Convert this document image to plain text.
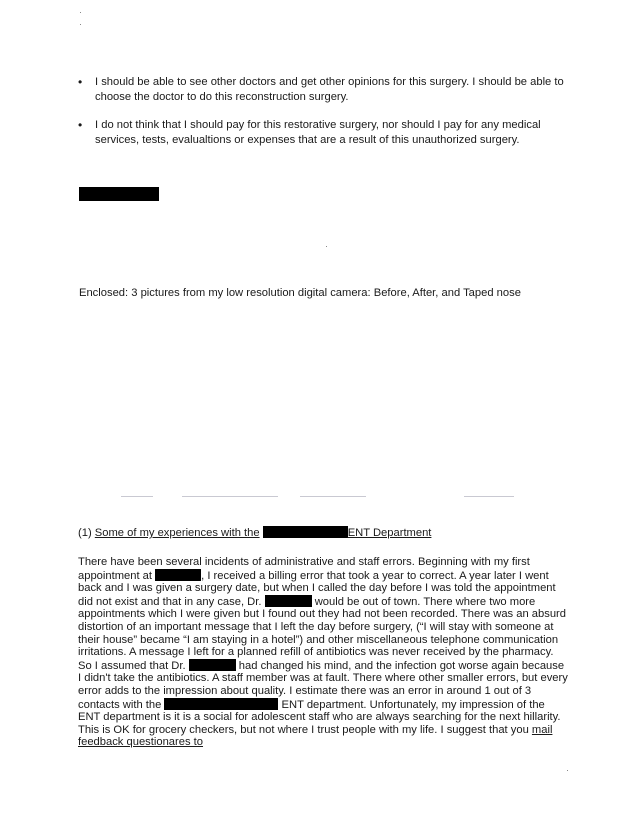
•	I should be able to see other doctors and get other opinions for this surgery. I should be able to choose the doctor to do this reconstruction surgery.
•	I do not think that I should pay for this restorative surgery, nor should I pay for any medical services, tests, evalualtions or expenses that are a result of this unauthorized surgery.
Enclosed: 3 pictures from my low resolution digital camera: Before, After, and Taped nose
(1) Some of my experiences with the	ENT Department
There have been several incidents of administrative and staff errors. Beginning with my first appointment at	, I received a billing error that took a year to correct. A year later I went back and I was given a surgery date, but when I called the day before I was told the appointment did not exist and that in any case, Dr.	would be out of town. There where two more appointments which I were given but I found out they had not been recorded. There was an absurd distortion of an important message that I left the day before surgery, (“I will stay with someone at their house” became “I am staying in a hotel”) and other miscellaneous telephone communication irritations. A message I left for a planned refill of antibiotics was never received by the pharmacy. So I assumed that Dr.	had changed his mind, and the infection got worse again because I didn't take the antibiotics. A staff member was at fault. There where other smaller errors, but every error adds to the impression about quality. I estimate there was an error in around 1 out of 3 contacts with the	ENT department. Unfortunately, my impression of the ENT department is it is a social for adolescent staff who are always searching for the next hillarity. This is OK for grocery checkers, but not where I trust people with my life. I suggest that you mail feedback questionares to
